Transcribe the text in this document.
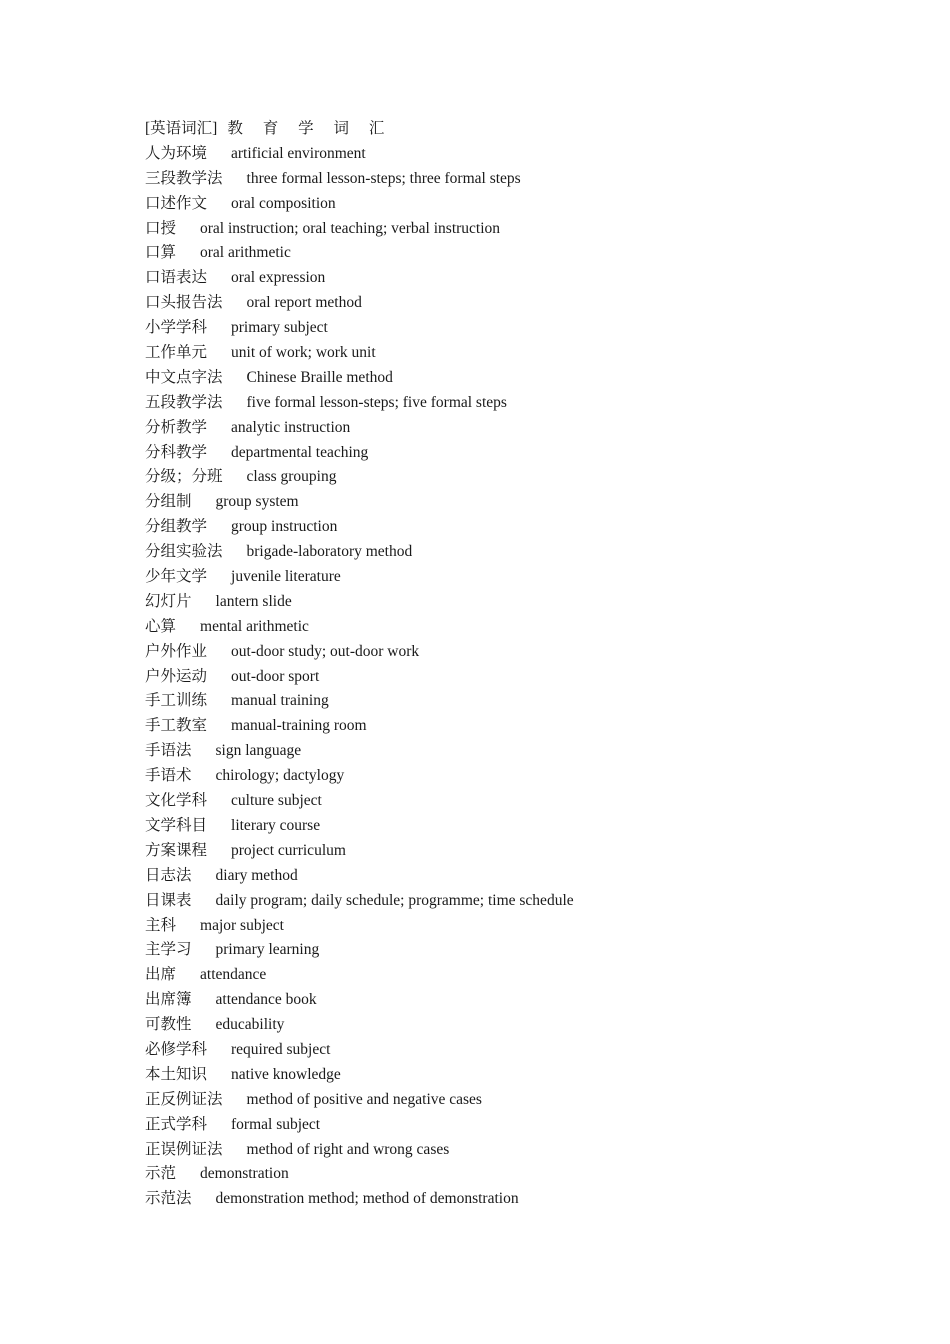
[英语词汇] 教 育 学 词 汇
人为环境 artificial environment
三段教学法 three formal lesson-steps; three formal steps
口述作文 oral composition
口授 oral instruction; oral teaching; verbal instruction
口算 oral arithmetic
口语表达 oral expression
口头报告法 oral report method
小学学科 primary subject
工作单元 unit of work; work unit
中文点字法 Chinese Braille method
五段教学法 five formal lesson-steps; five formal steps
分析教学 analytic instruction
分科教学 departmental teaching
分级；分班 class grouping
分组制 group system
分组教学 group instruction
分组实验法 brigade-laboratory method
少年文学 juvenile literature
幻灯片 lantern slide
心算 mental arithmetic
户外作业 out-door study; out-door work
户外运动 out-door sport
手工训练 manual training
手工教室 manual-training room
手语法 sign language
手语术 chirology; dactylogy
文化学科 culture subject
文学科目 literary course
方案课程 project curriculum
日志法 diary method
日课表 daily program; daily schedule; programme; time schedule
主科 major subject
主学习 primary learning
出席 attendance
出席簿 attendance book
可教性 educability
必修学科 required subject
本土知识 native knowledge
正反例证法 method of positive and negative cases
正式学科 formal subject
正误例证法 method of right and wrong cases
示范 demonstration
示范法 demonstration method; method of demonstration
